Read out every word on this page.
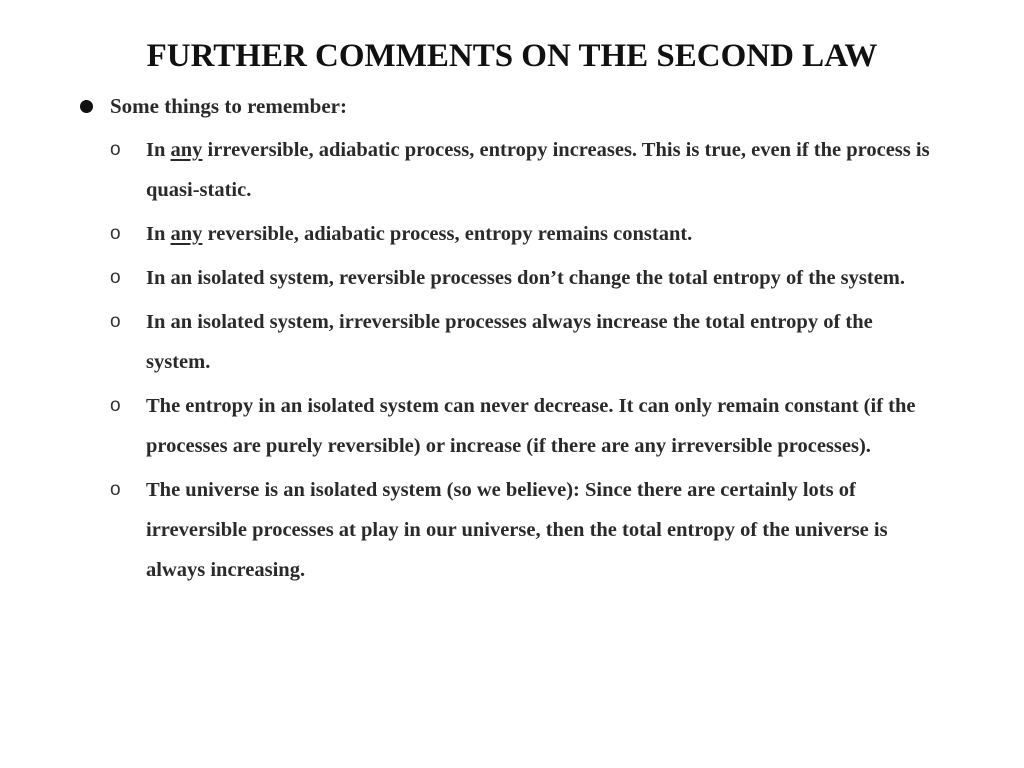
FURTHER COMMENTS ON THE SECOND LAW
Some things to remember:
o In any irreversible, adiabatic process, entropy increases. This is true, even if the process is quasi-static.
o In any reversible, adiabatic process, entropy remains constant.
o In an isolated system, reversible processes don’t change the total entropy of the system.
o In an isolated system, irreversible processes always increase the total entropy of the system.
o The entropy in an isolated system can never decrease. It can only remain constant (if the processes are purely reversible) or increase (if there are any irreversible processes).
o The universe is an isolated system (so we believe): Since there are certainly lots of irreversible processes at play in our universe, then the total entropy of the universe is always increasing.
